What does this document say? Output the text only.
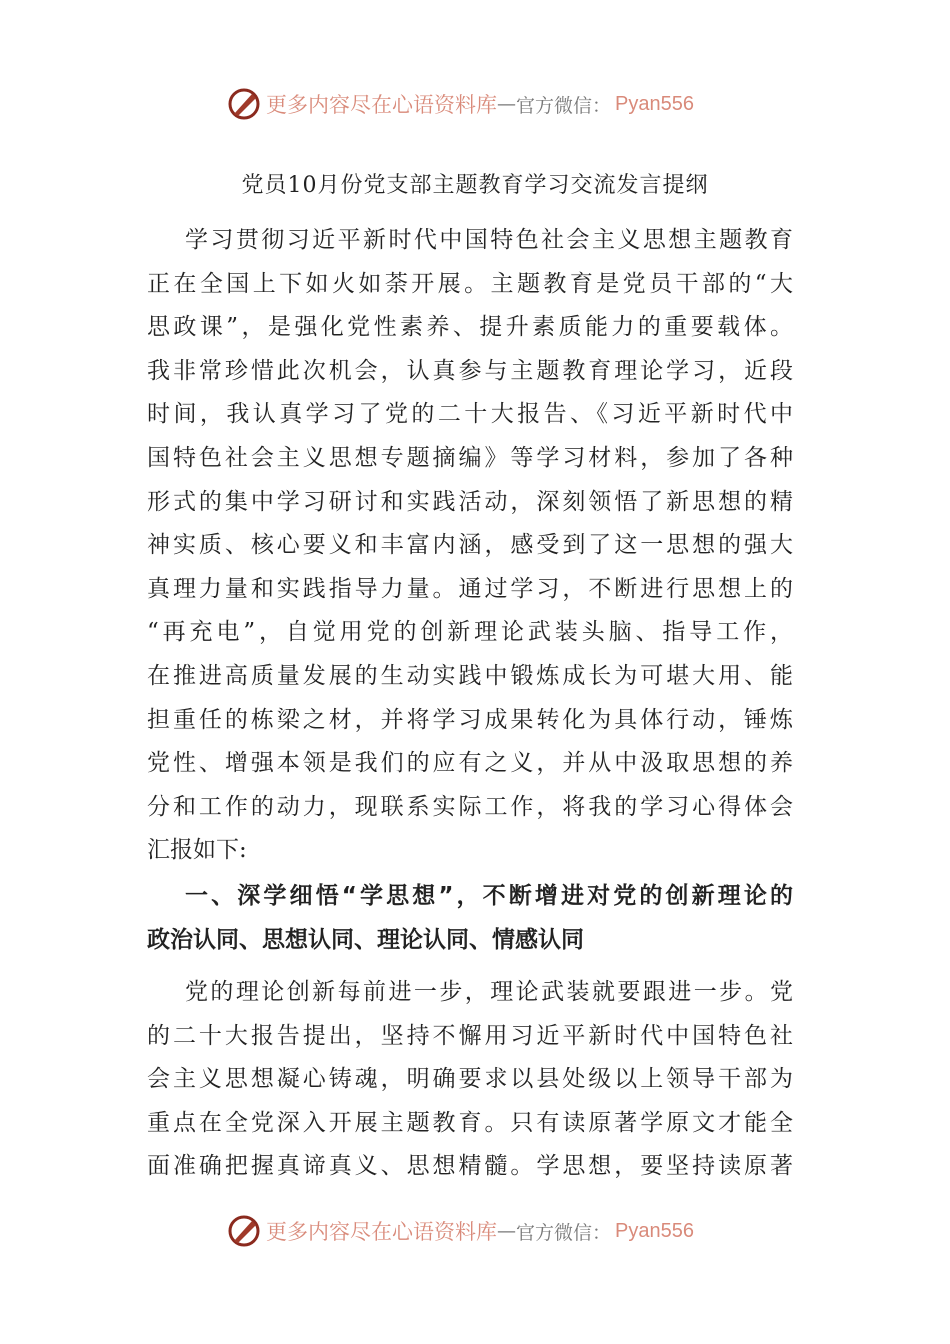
更多内容尽在心语资料库 — 官方微信： Pyan556
党员10月份党支部主题教育学习交流发言提纲
学习贯彻习近平新时代中国特色社会主义思想主题教育
正在全国上下如火如荼开展。主题教育是党员干部的“大
思政课”，是强化党性素养、提升素质能力的重要载体。
我非常珍惜此次机会，认真参与主题教育理论学习，近段
时间，我认真学习了党的二十大报告、《习近平新时代中
国特色社会主义思想专题摘编》等学习材料，参加了各种
形式的集中学习研讨和实践活动，深刻领悟了新思想的精
神实质、核心要义和丰富内涵，感受到了这一思想的强大
真理力量和实践指导力量。通过学习，不断进行思想上的
“再充电”，自觉用党的创新理论武装头脑、指导工作，
在推进高质量发展的生动实践中锻炼成长为可堪大用、能
担重任的栋梁之材，并将学习成果转化为具体行动，锤炼
党性、增强本领是我们的应有之义，并从中汲取思想的养
分和工作的动力，现联系实际工作，将我的学习心得体会
汇报如下:
一、深学细悟“学思想”，不断增进对党的创新理论的
政治认同、思想认同、理论认同、情感认同
党的理论创新每前进一步，理论武装就要跟进一步。党
的二十大报告提出，坚持不懈用习近平新时代中国特色社
会主义思想凝心铸魂，明确要求以县处级以上领导干部为
重点在全党深入开展主题教育。只有读原著学原文才能全
面准确把握真谛真义、思想精髓。学思想，要坚持读原著
更多内容尽在心语资料库 — 官方微信： Pyan556
